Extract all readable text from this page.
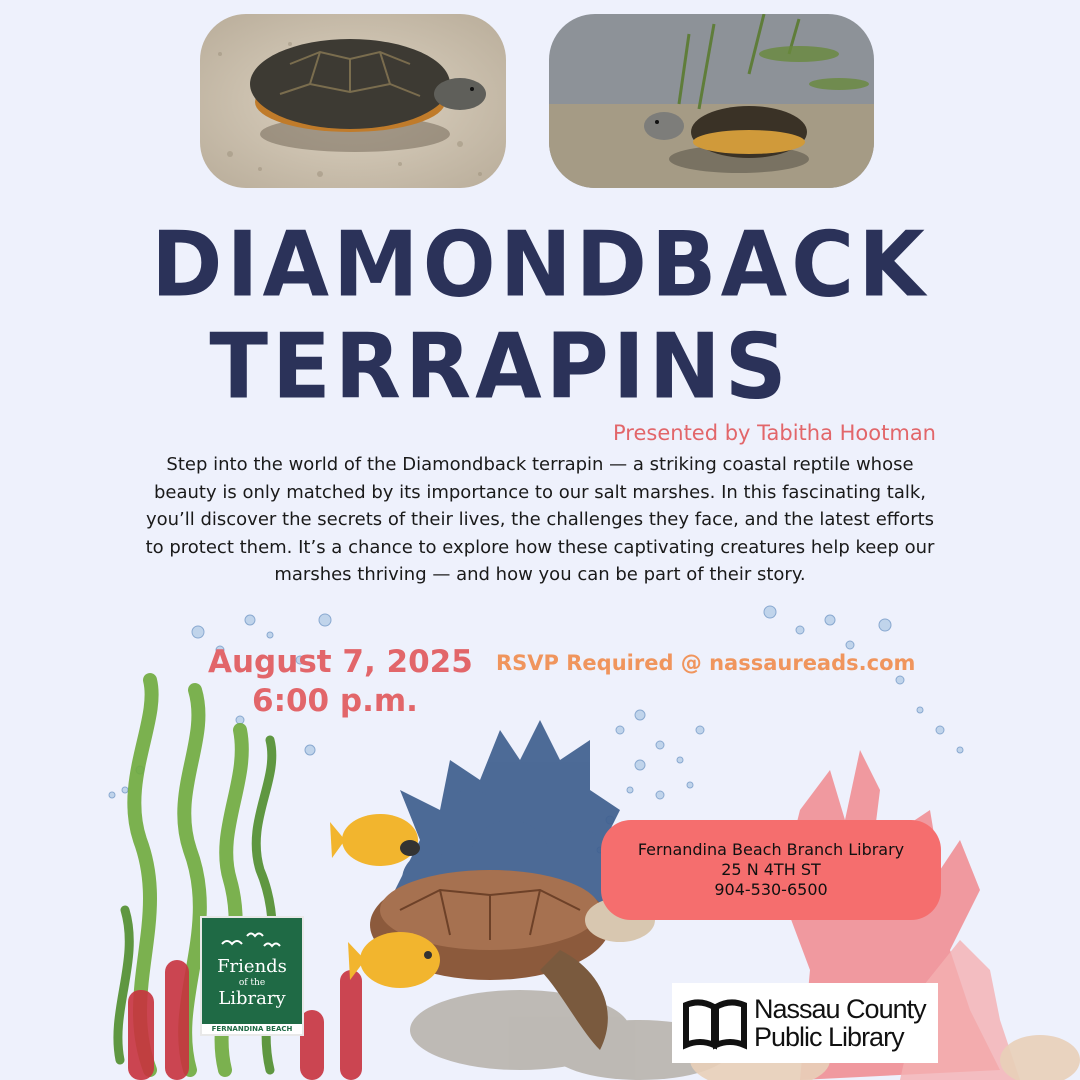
DIAMONDBACK
TERRAPINS
Presented by Tabitha Hootman
Step into the world of the Diamondback terrapin — a striking coastal reptile whose beauty is only matched by its importance to our salt marshes. In this fascinating talk, you’ll discover the secrets of their lives, the challenges they face, and the latest efforts to protect them. It’s a chance to explore how these captivating creatures help keep our marshes thriving — and how you can be part of their story.
August 7, 2025
6:00 p.m.
RSVP Required @ nassaureads.com
Fernandina Beach Branch Library
25 N 4TH ST
904-530-6500
Friends
of the
Library
FERNANDINA BEACH
Nassau County
Public Library
